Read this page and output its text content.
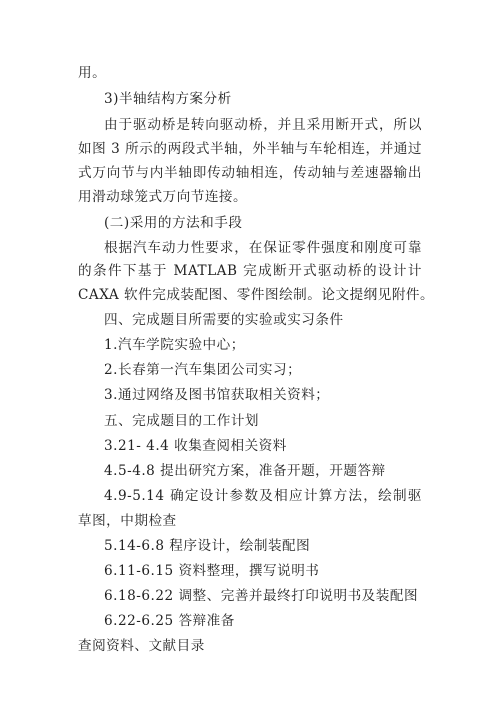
用。
3)半轴结构方案分析
由于驱动桥是转向驱动桥，并且采用断开式，所以
如图 3 所示的两段式半轴，外半轴与车轮相连，并通过
式万向节与内半轴即传动轴相连，传动轴与差速器输出
用滑动球笼式万向节连接。
(二)采用的方法和手段
根据汽车动力性要求，在保证零件强度和刚度可靠
的条件下基于 MATLAB 完成断开式驱动桥的设计计
CAXA 软件完成装配图、零件图绘制。论文提纲见附件。
四、完成题目所需要的实验或实习条件
1.汽车学院实验中心；
2.长春第一汽车集团公司实习；
3.通过网络及图书馆获取相关资料；
五、完成题目的工作计划
3.21- 4.4 收集查阅相关资料
4.5-4.8 提出研究方案，准备开题，开题答辩
4.9-5.14 确定设计参数及相应计算方法，绘制驱
草图，中期检查
5.14-6.8 程序设计，绘制装配图
6.11-6.15 资料整理，撰写说明书
6.18-6.22 调整、完善并最终打印说明书及装配图
6.22-6.25 答辩准备
查阅资料、文献目录
